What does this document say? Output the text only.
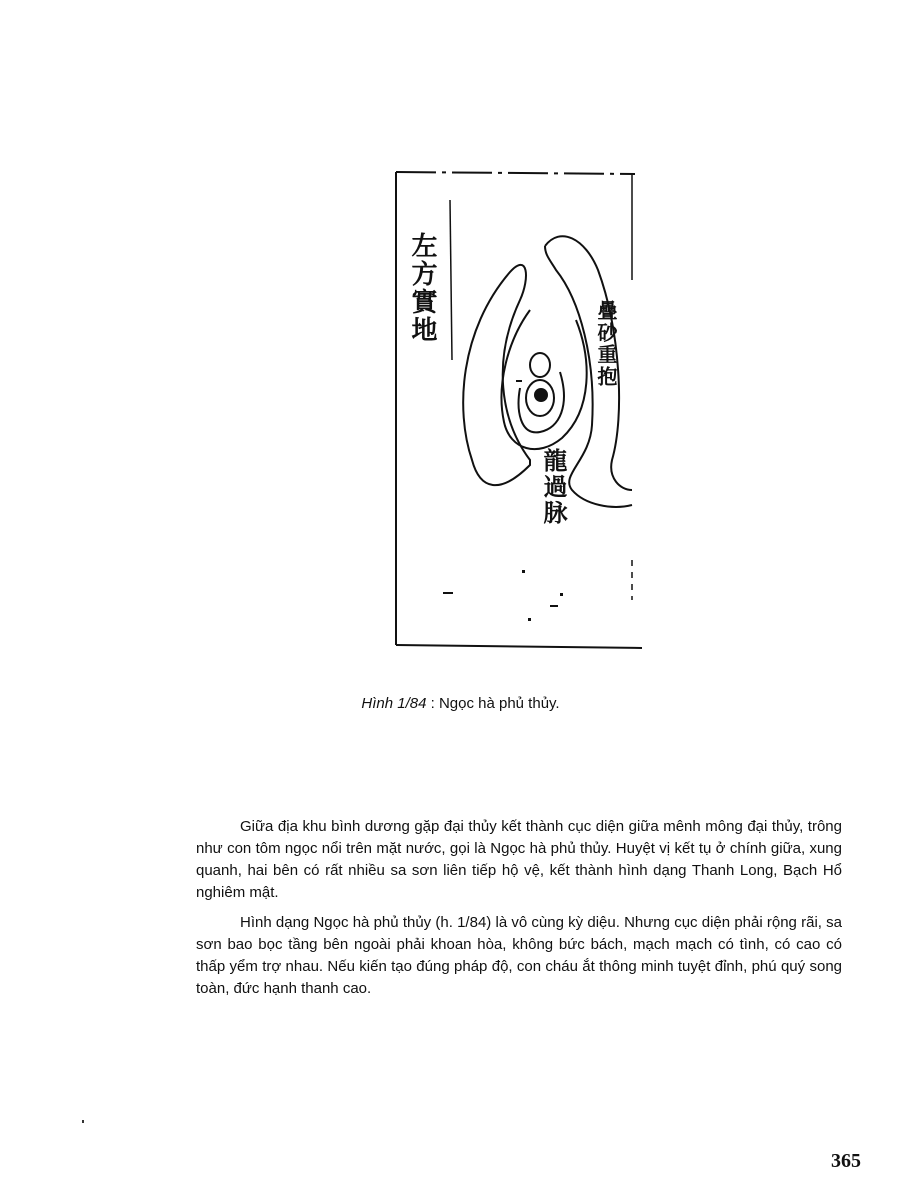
左方實地	疊砂重抱
龍過脉
Hình 1/84 : Ngọc hà phủ thủy.

Giữa địa khu bình dương gặp đại thủy kết thành cục diện giữa mênh mông đại thủy, trông như con tôm ngọc nổi trên mặt nước, gọi là Ngọc hà phủ thủy. Huyệt vị kết tụ ở chính giữa, xung quanh, hai bên có rất nhiều sa sơn liên tiếp hộ vệ, kết thành hình dạng Thanh Long, Bạch Hổ nghiêm mật.

Hình dạng Ngọc hà phủ thủy (h. 1/84) là vô cùng kỳ diệu. Nhưng cục diện phải rộng rãi, sa sơn bao bọc tầng bên ngoài phải khoan hòa, không bức bách, mạch mạch có tình, có cao có thấp yểm trợ nhau. Nếu kiến tạo đúng pháp độ, con cháu ắt thông minh tuyệt đỉnh, phú quý song toàn, đức hạnh thanh cao.

365
